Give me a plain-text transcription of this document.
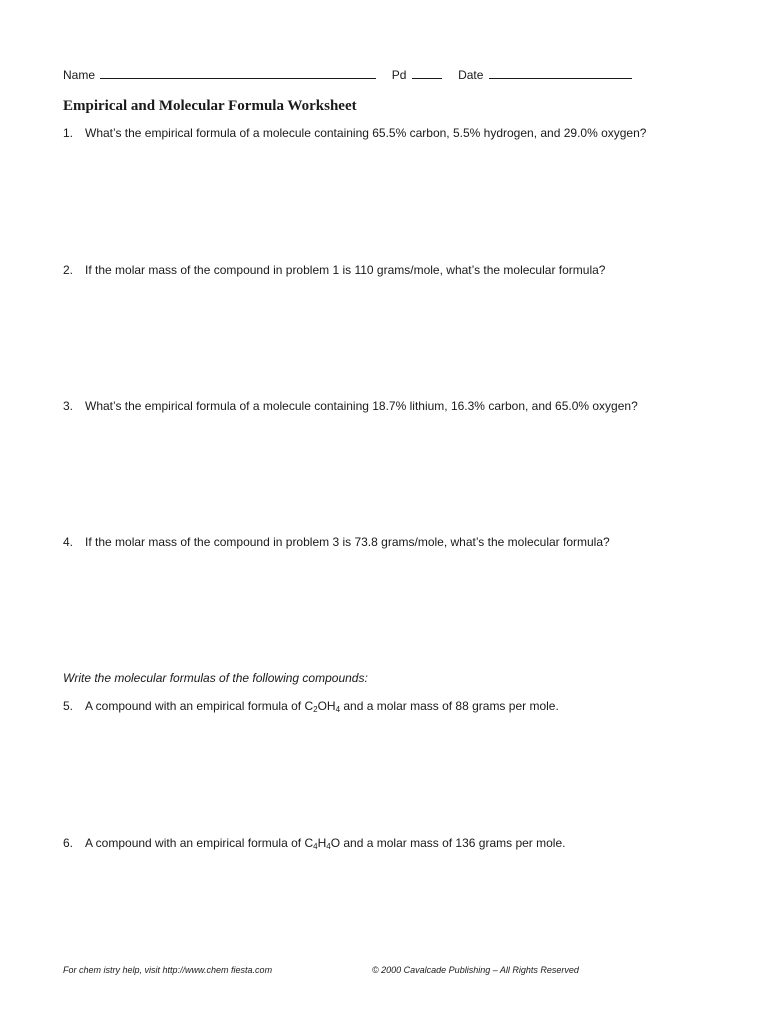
Name	Pd	Date
Empirical and Molecular Formula Worksheet
1. What’s the empirical formula of a molecule containing 65.5% carbon, 5.5% hydrogen, and 29.0% oxygen?
2. If the molar mass of the compound in problem 1 is 110 grams/mole, what’s the molecular formula?
3. What’s the empirical formula of a molecule containing 18.7% lithium, 16.3% carbon, and 65.0% oxygen?
4. If the molar mass of the compound in problem 3 is 73.8 grams/mole, what’s the molecular formula?
Write the molecular formulas of the following compounds:
5. A compound with an empirical formula of $C_2OH_4$ and a molar mass of 88 grams per mole.
6. A compound with an empirical formula of $C_4H_4O$ and a molar mass of 136 grams per mole.
For chem istry help, visit http://www.chem fiesta.com	© 2000 Cavalcade Publishing – All Rights Reserved
